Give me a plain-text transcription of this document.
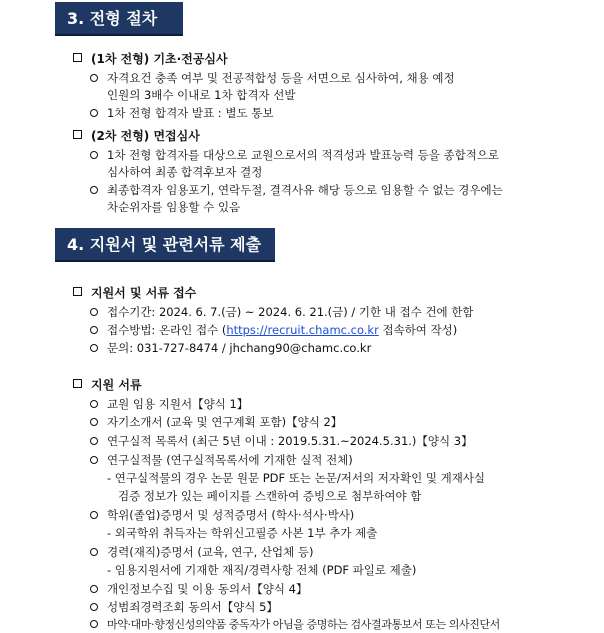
3. 전형 절차
(1차 전형) 기초·전공심사
자격요건 충족 여부 및 전공적합성 등을 서면으로 심사하여, 채용 예정
인원의 3배수 이내로 1차 합격자 선발
1차 전형 합격자 발표 : 별도 통보
(2차 전형) 면접심사
1차 전형 합격자를 대상으로 교원으로서의 적격성과 발표능력 등을 종합적으로
심사하여 최종 합격후보자 결정
최종합격자 임용포기, 연락두절, 결격사유 해당 등으로 임용할 수 없는 경우에는
차순위자를 임용할 수 있음
4. 지원서 및 관련서류 제출
지원서 및 서류 접수
접수기간: 2024. 6. 7.(금) ~ 2024. 6. 21.(금) / 기한 내 접수 건에 한함
접수방법: 온라인 접수 (https://recruit.chamc.co.kr 접속하여 작성)
문의: 031-727-8474 / jhchang90@chamc.co.kr
지원 서류
교원 임용 지원서【양식 1】
자기소개서 (교육 및 연구계획 포함)【양식 2】
연구실적 목록서 (최근 5년 이내 : 2019.5.31.~2024.5.31.)【양식 3】
연구실적물 (연구실적목록서에 기재한 실적 전체)
- 연구실적물의 경우 논문 원문 PDF 또는 논문/저서의 저자확인 및 게재사실
검증 정보가 있는 페이지를 스캔하여 증빙으로 첨부하여야 함
학위(졸업)증명서 및 성적증명서 (학사·석사·박사)
- 외국학위 취득자는 학위신고필증 사본 1부 추가 제출
경력(재직)증명서 (교육, 연구, 산업체 등)
- 임용지원서에 기재한 재직/경력사항 전체 (PDF 파일로 제출)
개인정보수집 및 이용 동의서【양식 4】
성범죄경력조회 동의서【양식 5】
마약·대마·향정신성의약품 중독자가 아님을 증명하는 검사결과통보서 또는 의사진단서
